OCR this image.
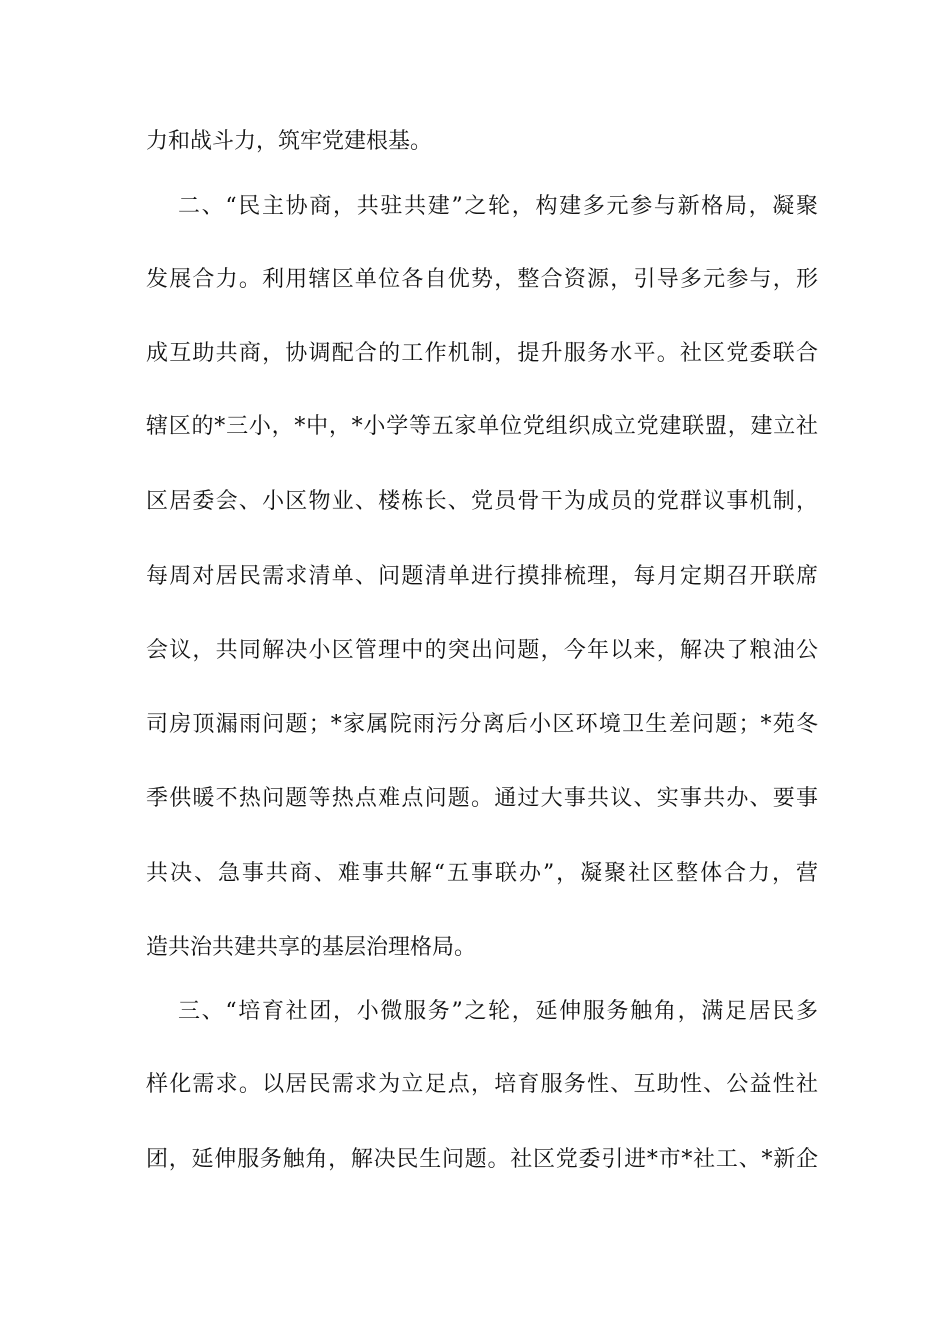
力和战斗力，筑牢党建根基。
二、“民主协商，共驻共建”之轮，构建多元参与新格局，凝聚
发展合力。利用辖区单位各自优势，整合资源，引导多元参与，形
成互助共商，协调配合的工作机制，提升服务水平。社区党委联合
辖区的*三小，*中，*小学等五家单位党组织成立党建联盟，建立社
区居委会、小区物业、楼栋长、党员骨干为成员的党群议事机制，
每周对居民需求清单、问题清单进行摸排梳理，每月定期召开联席
会议，共同解决小区管理中的突出问题，今年以来，解决了粮油公
司房顶漏雨问题；*家属院雨污分离后小区环境卫生差问题；*苑冬
季供暖不热问题等热点难点问题。通过大事共议、实事共办、要事
共决、急事共商、难事共解“五事联办”，凝聚社区整体合力，营
造共治共建共享的基层治理格局。
三、“培育社团，小微服务”之轮，延伸服务触角，满足居民多
样化需求。以居民需求为立足点，培育服务性、互助性、公益性社
团，延伸服务触角，解决民生问题。社区党委引进*市*社工、*新企
